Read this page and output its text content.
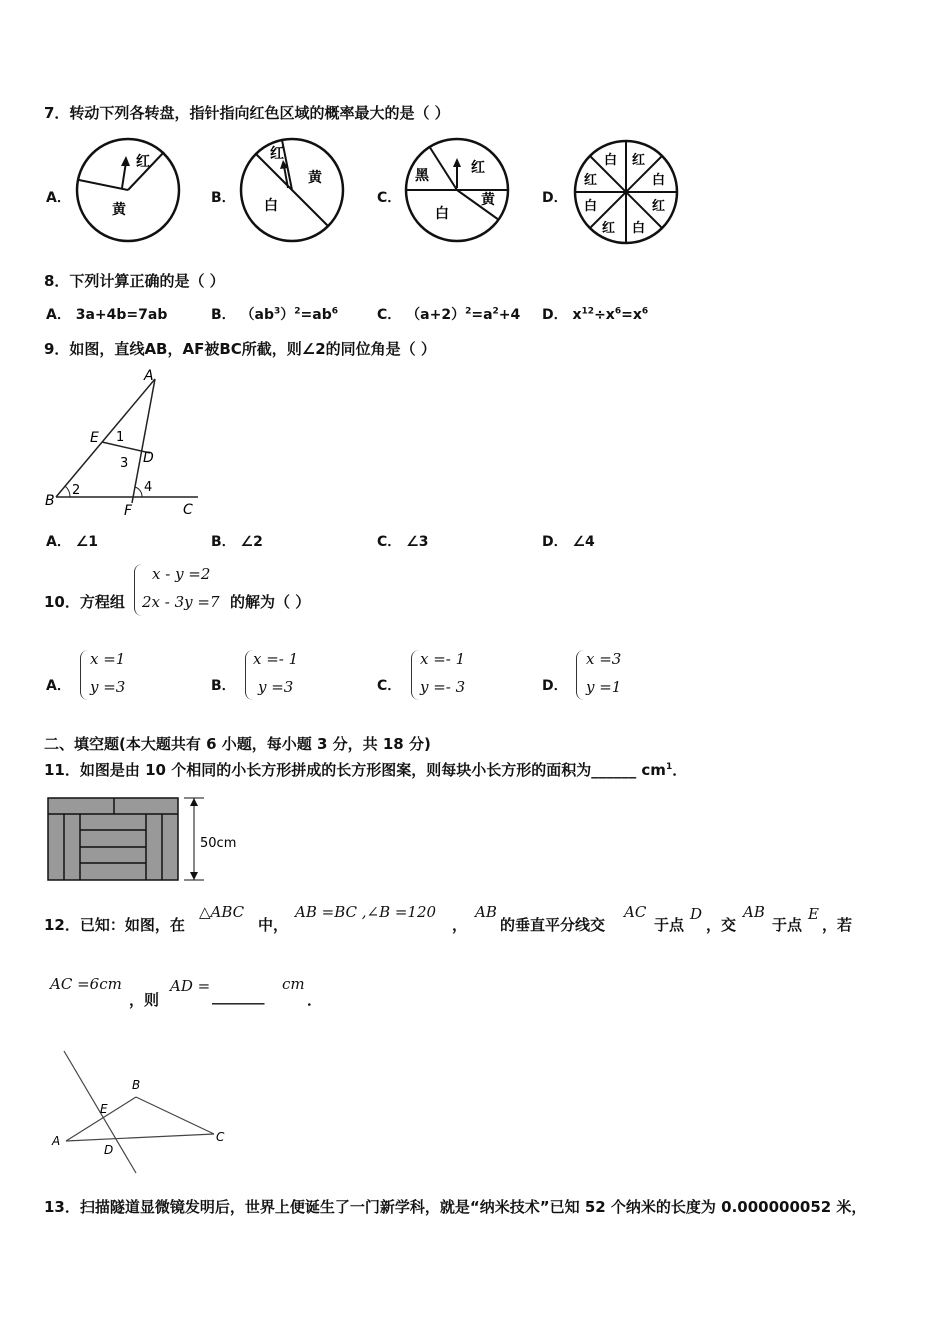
7．转动下列各转盘，指针指向红色区域的概率最大的是（ ）
A．
红
黄
B．
红
黄
白	C．
黑	红
黄
白
D．
白 红
红	白
白	红
红 白
8．下列计算正确的是（ ）
A． 3a+4b=7ab	B． $(ab^3)^2=ab^6$	C． $(a+2)^2=a^2+4$ D． $x^{12}\div x^6=x^6$
9．如图，直线AB，AF被BC所截，则∠2的同位角是（ ）
A
E 1
3 D
2	4
B
F	C
A． ∠1	B． ∠2	C． ∠3	D． ∠4
10．方程组
x - y =2
2x - 3y =7 的解为（ ）
A．
x =1
y =3	B．
x =- 1
y =3	C．
x =- 1
y =- 3	D．
x =3
y =1
二、填空题(本大题共有 6 小题，每小题 3 分，共 18 分)
11．如图是由 10 个相同的小长方形拼成的长方形图案，则每块小长方形的面积为______ $cm^1$．
50cm
12．已知：如图，在
△ABC
中，
AB =BC ,∠B =120
，
AB
的垂直平分线交
AC
于点
D
，交
AB
于点
E
，若
AC =6cm
，则
AD =
_______
cm
．
B
E
A
D
C
13．扫描隧道显微镜发明后，世界上便诞生了一门新学科，就是“纳米技术”已知 52 个纳米的长度为 0.000000052 米，
